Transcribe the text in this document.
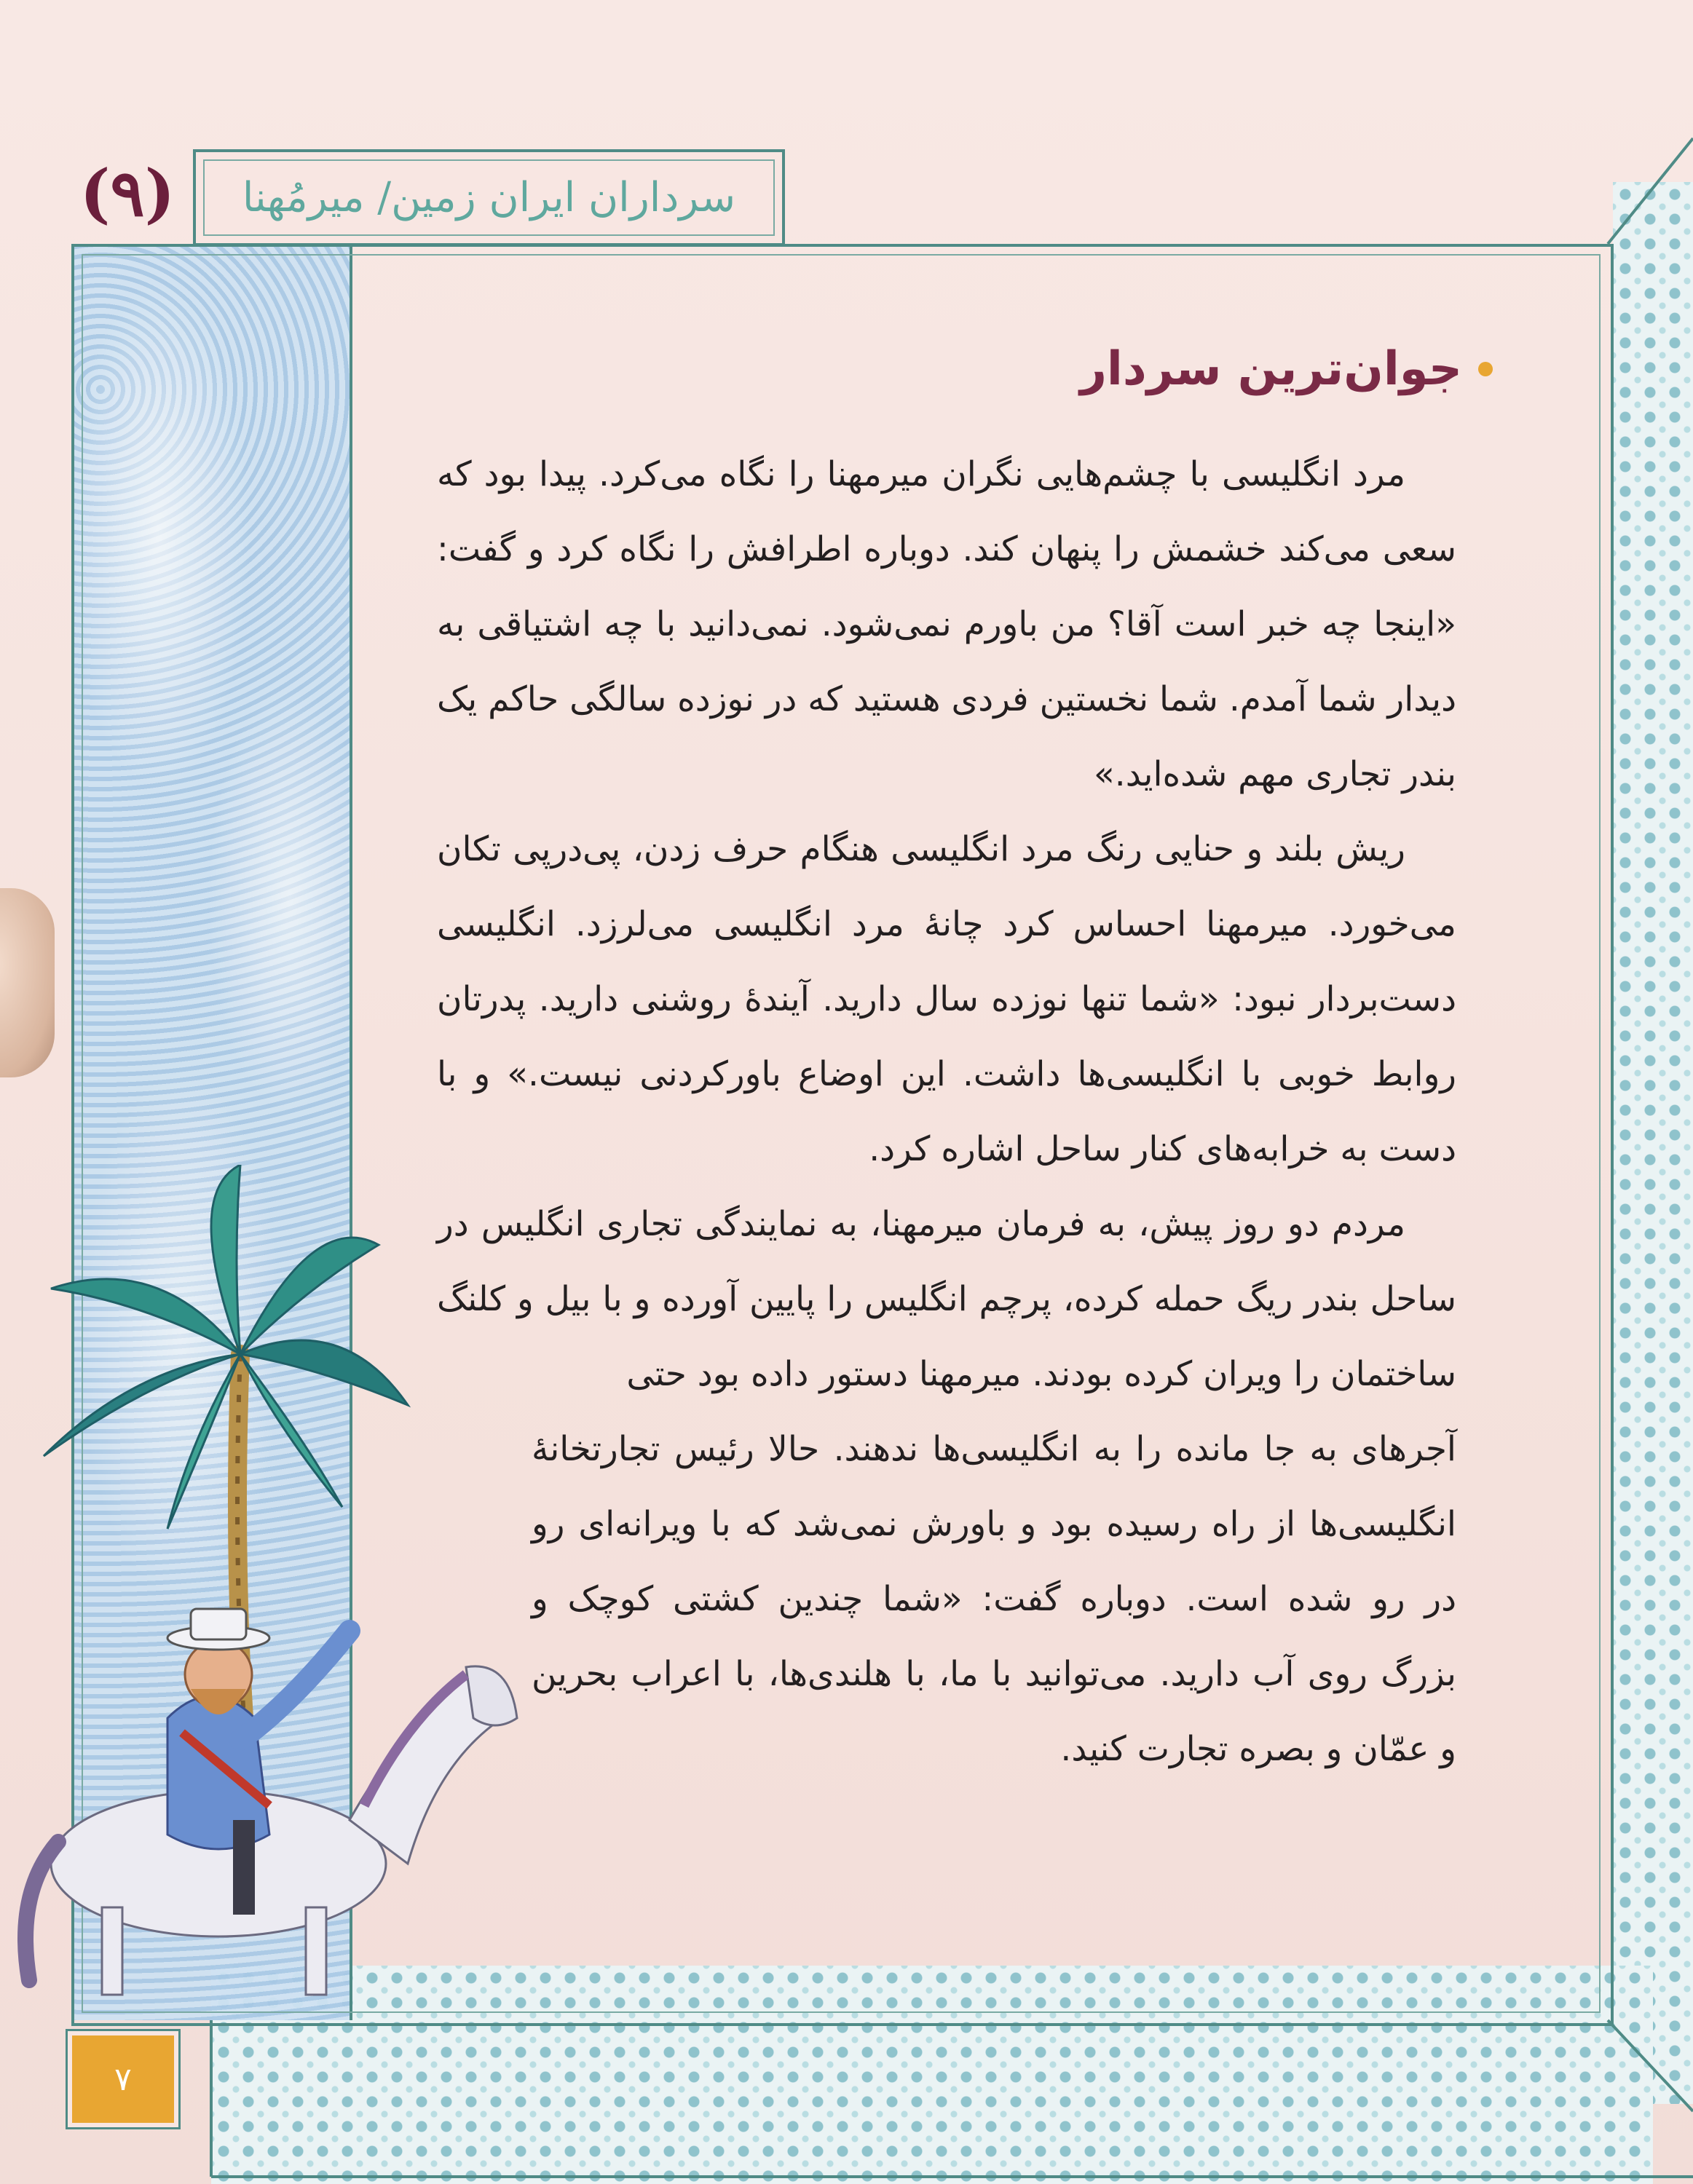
(۹) سرداران ایران زمین/ میرمُهنا
جوان‌ترین سردار

مرد انگلیسی با چشم‌هایی نگران میرمهنا را نگاه می‌کرد. پیدا بود که سعی می‌کند خشمش را پنهان کند. دوباره اطرافش را نگاه کرد و گفت: «اینجا چه خبر است آقا؟ من باورم نمی‌شود. نمی‌دانید با چه اشتیاقی به دیدار شما آمدم. شما نخستین فردی هستید که در نوزده سالگی حاکم یک بندر تجاری مهم شده‌اید.»

ریش بلند و حنایی رنگ مرد انگلیسی هنگام حرف زدن، پی‌درپی تکان می‌خورد. میرمهنا احساس کرد چانهٔ مرد انگلیسی می‌لرزد. انگلیسی دست‌بردار نبود: «شما تنها نوزده سال دارید. آیندهٔ روشنی دارید. پدرتان روابط خوبی با انگلیسی‌ها داشت. این اوضاع باورکردنی نیست.» و با دست به خرابه‌های کنار ساحل اشاره کرد.

مردم دو روز پیش، به فرمان میرمهنا، به نمایندگی تجاری انگلیس در ساحل بندر ریگ حمله کرده، پرچم انگلیس را پایین آورده و با بیل و کلنگ ساختمان را ویران کرده بودند. میرمهنا دستور داده بود حتی

آجرهای به جا مانده را به انگلیسی‌ها ندهند. حالا رئیس تجارتخانهٔ انگلیسی‌ها از راه رسیده بود و باورش نمی‌شد که با ویرانه‌ای رو در رو شده است. دوباره گفت: «شما چندین کشتی کوچک و بزرگ روی آب دارید. می‌توانید با ما، با هلندی‌ها، با اعراب بحرین و عمّان و بصره تجارت کنید.

۷
